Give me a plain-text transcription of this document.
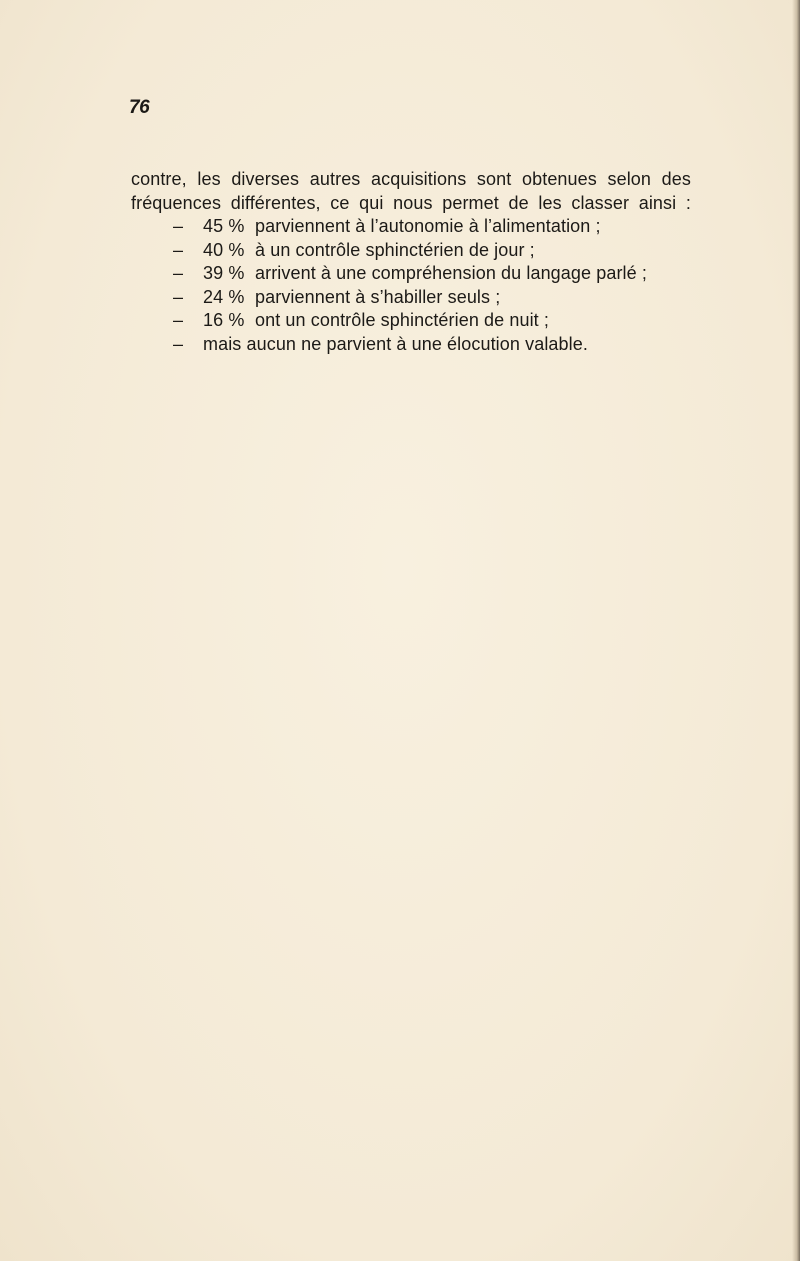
76
contre, les diverses autres acquisitions sont obtenues selon des
fréquences différentes, ce qui nous permet de les classer ainsi :
–	45 % parviennent à l’autonomie à l’alimentation ;
–	40 % à un contrôle sphinctérien de jour ;
–	39 % arrivent à une compréhension du langage parlé ;
–	24 % parviennent à s’habiller seuls ;
–	16 % ont un contrôle sphinctérien de nuit ;
–	mais aucun ne parvient à une élocution valable.
